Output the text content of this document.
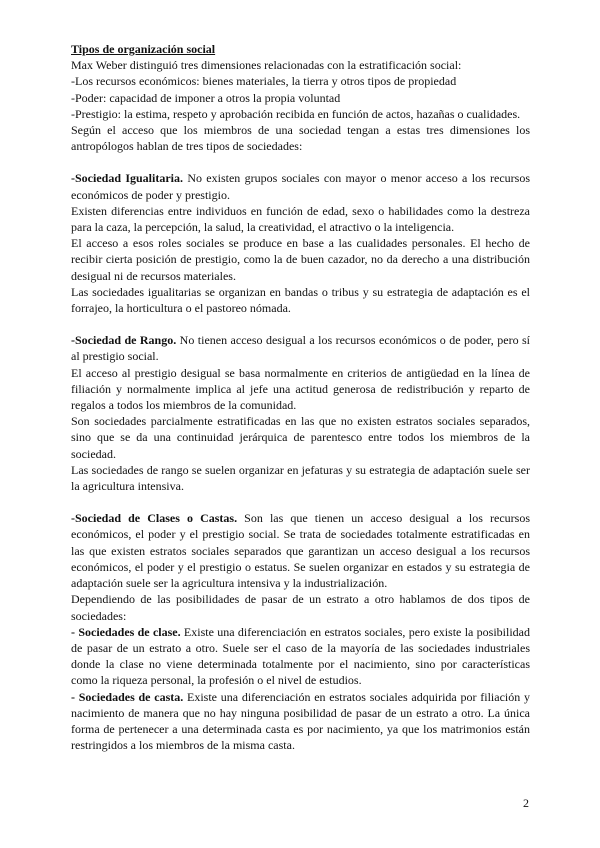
Tipos de organización social

Max Weber distinguió tres dimensiones relacionadas con la estratificación social:

-Los recursos económicos: bienes materiales, la tierra y otros tipos de propiedad

-Poder: capacidad de imponer a otros la propia voluntad

-Prestigio: la estima, respeto y aprobación recibida en función de actos, hazañas o cualidades.

Según el acceso que los miembros de una sociedad tengan a estas tres dimensiones los antropólogos hablan de tres tipos de sociedades:

-Sociedad Igualitaria. No existen grupos sociales con mayor o menor acceso a los recursos económicos de poder y prestigio.

Existen diferencias entre individuos en función de edad, sexo o habilidades como la destreza para la caza, la percepción, la salud, la creatividad, el atractivo o la inteligencia.

El acceso a esos roles sociales se produce en base a las cualidades personales. El hecho de recibir cierta posición de prestigio, como la de buen cazador, no da derecho a una distribución desigual ni de recursos materiales.

Las sociedades igualitarias se organizan en bandas o tribus y su estrategia de adaptación es el forrajeo, la horticultura o el pastoreo nómada.

-Sociedad de Rango. No tienen acceso desigual a los recursos económicos o de poder, pero sí al prestigio social.

El acceso al prestigio desigual se basa normalmente en criterios de antigüedad en la línea de filiación y normalmente implica al jefe una actitud generosa de redistribución y reparto de regalos a todos los miembros de la comunidad.

Son sociedades parcialmente estratificadas en las que no existen estratos sociales separados, sino que se da una continuidad jerárquica de parentesco entre todos los miembros de la sociedad.

Las sociedades de rango se suelen organizar en jefaturas y su estrategia de adaptación suele ser la agricultura intensiva.

-Sociedad de Clases o Castas. Son las que tienen un acceso desigual a los recursos económicos, el poder y el prestigio social. Se trata de sociedades totalmente estratificadas en las que existen estratos sociales separados que garantizan un acceso desigual a los recursos económicos, el poder y el prestigio o estatus. Se suelen organizar en estados y su estrategia de adaptación suele ser la agricultura intensiva y la industrialización.

Dependiendo de las posibilidades de pasar de un estrato a otro hablamos de dos tipos de sociedades:

- Sociedades de clase. Existe una diferenciación en estratos sociales, pero existe la posibilidad de pasar de un estrato a otro. Suele ser el caso de la mayoría de las sociedades industriales donde la clase no viene determinada totalmente por el nacimiento, sino por características como la riqueza personal, la profesión o el nivel de estudios.

- Sociedades de casta. Existe una diferenciación en estratos sociales adquirida por filiación y nacimiento de manera que no hay ninguna posibilidad de pasar de un estrato a otro. La única forma de pertenecer a una determinada casta es por nacimiento, ya que los matrimonios están restringidos a los miembros de la misma casta.

2
